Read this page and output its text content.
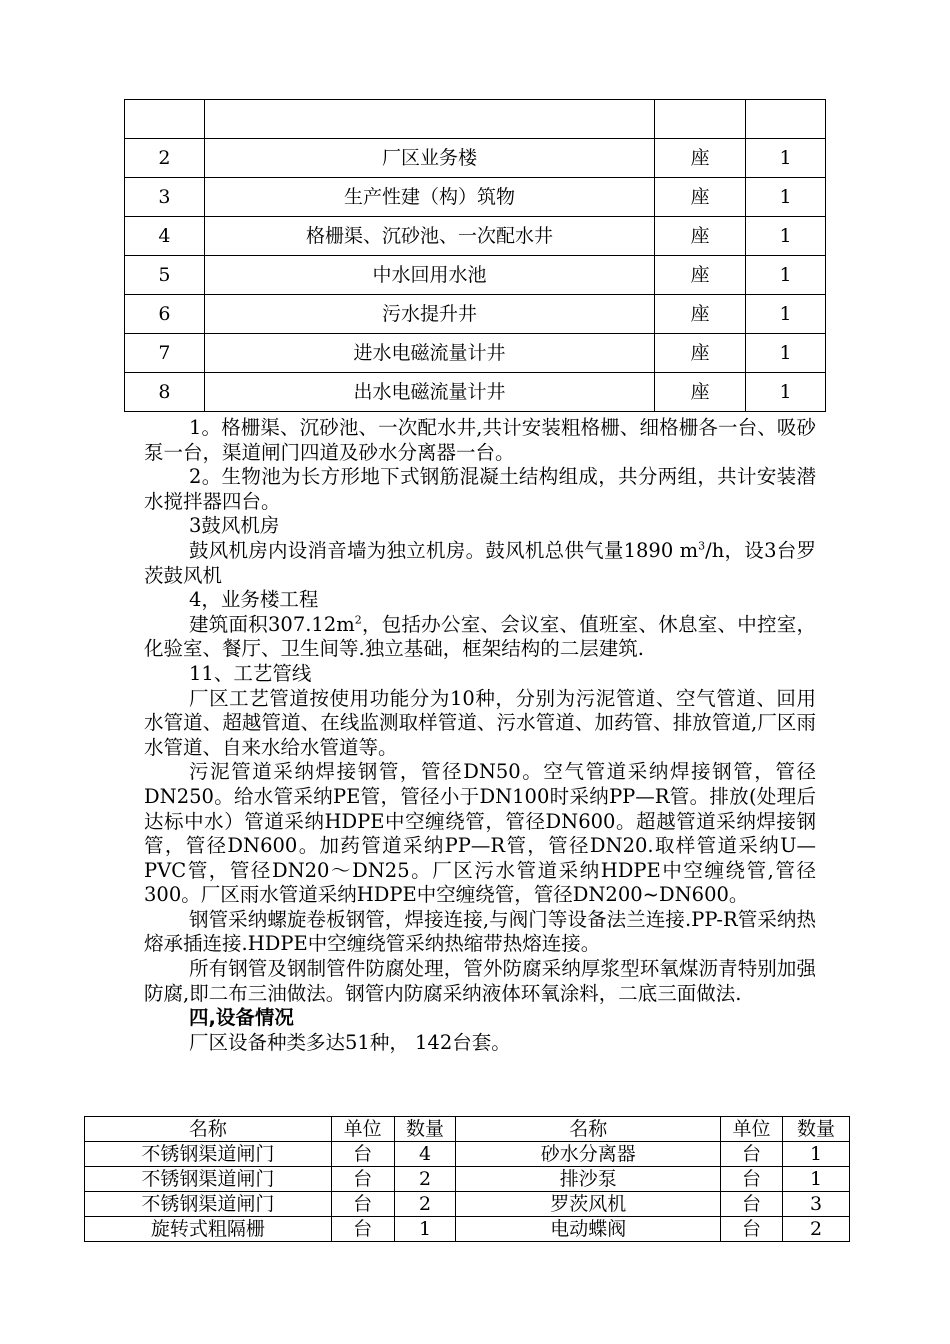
2	厂区业务楼	座	1
3	生产性建（构）筑物	座	1
4	格栅渠、沉砂池、一次配水井	座	1
5	中水回用水池	座	1
6	污水提升井	座	1
7	进水电磁流量计井	座	1
8	出水电磁流量计井	座	1

1。格栅渠、沉砂池、一次配水井,共计安装粗格栅、细格栅各一台、吸砂泵一台，渠道闸门四道及砂水分离器一台。

2。生物池为长方形地下式钢筋混凝土结构组成，共分两组，共计安装潜水搅拌器四台。

3鼓风机房

鼓风机房内设消音墙为独立机房。鼓风机总供气量1890 $m^3/h$，设3台罗茨鼓风机

4，业务楼工程

建筑面积$307.12m^2$，包括办公室、会议室、值班室、休息室、中控室，化验室、餐厅、卫生间等.独立基础，框架结构的二层建筑.

11、工艺管线

厂区工艺管道按使用功能分为10种，分别为污泥管道、空气管道、回用水管道、超越管道、在线监测取样管道、污水管道、加药管、排放管道,厂区雨水管道、自来水给水管道等。

污泥管道采纳焊接钢管，管径DN50。空气管道采纳焊接钢管，管径DN250。给水管采纳PE管，管径小于DN100时采纳PP—R管。排放(处理后达标中水）管道采纳HDPE中空缠绕管，管径DN600。超越管道采纳焊接钢管，管径DN600。加药管道采纳PP—R管，管径DN20.取样管道采纳U—PVC管，管径DN20～DN25。厂区污水管道采纳HDPE中空缠绕管,管径300。厂区雨水管道采纳HDPE中空缠绕管，管径DN200~DN600。

钢管采纳螺旋卷板钢管，焊接连接,与阀门等设备法兰连接.PP-R管采纳热熔承插连接.HDPE中空缠绕管采纳热缩带热熔连接。

所有钢管及钢制管件防腐处理，管外防腐采纳厚浆型环氧煤沥青特别加强防腐,即二布三油做法。钢管内防腐采纳液体环氧涂料，二底三面做法.

四,设备情况

厂区设备种类多达51种， 142台套。

名称	单位	数量	名称	单位	数量
不锈钢渠道闸门	台	4	砂水分离器	台	1
不锈钢渠道闸门	台	2	排沙泵	台	1
不锈钢渠道闸门	台	2	罗茨风机	台	3
旋转式粗隔栅	台	1	电动蝶阀	台	2
